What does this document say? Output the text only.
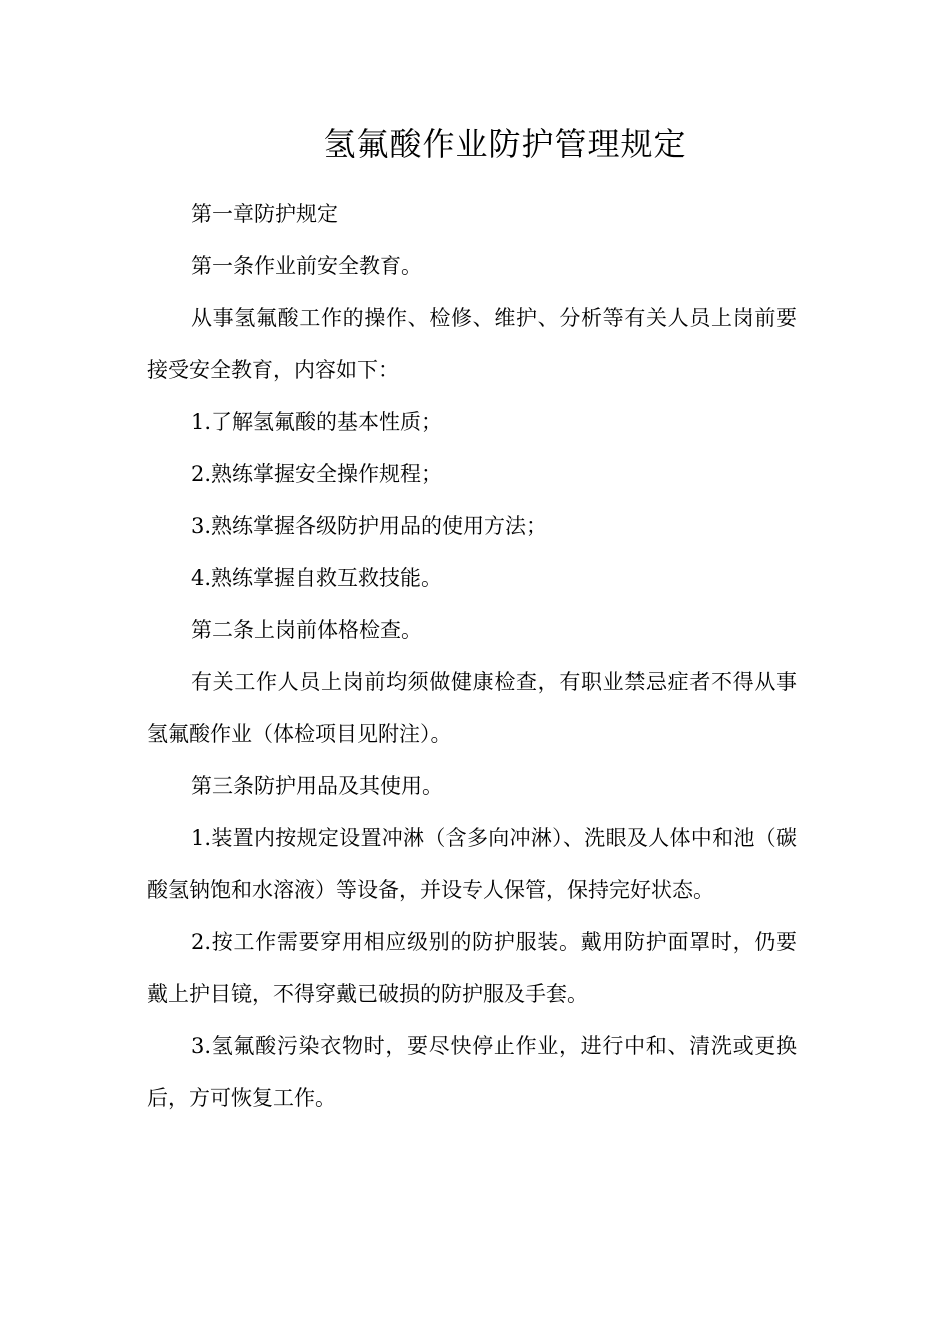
氢氟酸作业防护管理规定

第一章防护规定

第一条作业前安全教育。

从事氢氟酸工作的操作、检修、维护、分析等有关人员上岗前要接受安全教育，内容如下：

1.了解氢氟酸的基本性质；

2.熟练掌握安全操作规程；

3.熟练掌握各级防护用品的使用方法；

4.熟练掌握自救互救技能。

第二条上岗前体格检查。

有关工作人员上岗前均须做健康检查，有职业禁忌症者不得从事氢氟酸作业（体检项目见附注）。

第三条防护用品及其使用。

1.装置内按规定设置冲淋（含多向冲淋）、洗眼及人体中和池（碳酸氢钠饱和水溶液）等设备，并设专人保管，保持完好状态。

2.按工作需要穿用相应级别的防护服装。戴用防护面罩时，仍要戴上护目镜，不得穿戴已破损的防护服及手套。

3.氢氟酸污染衣物时，要尽快停止作业，进行中和、清洗或更换后，方可恢复工作。
